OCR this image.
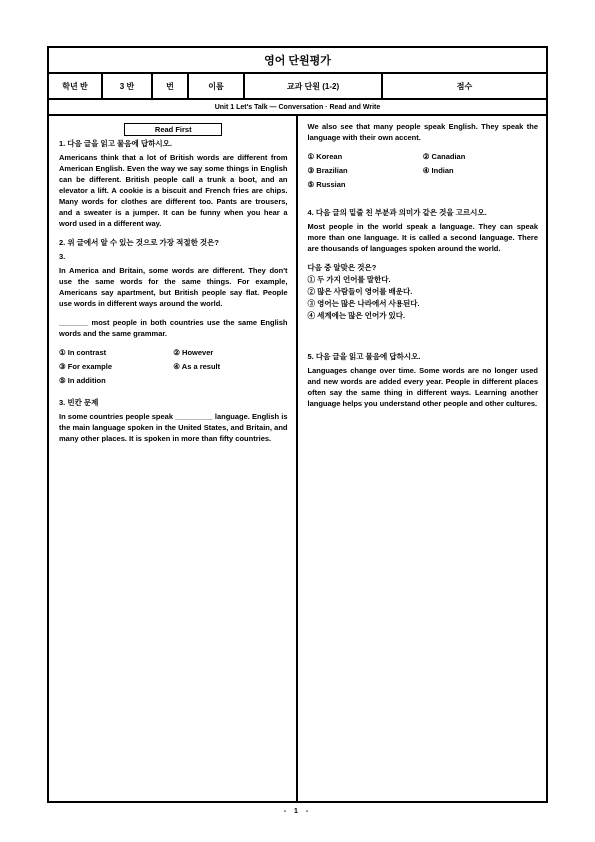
영어 단원평가
학년 반	3 반	번	이름	교과 단원 (1-2)	점수
Unit 1 Let's Talk — Conversation · Read and Write
Read First
1. 다음 글을 읽고 물음에 답하시오.

Americans think that a lot of British words are different from American English. Even the way we say some things in English can be different. British people call a trunk a boot, and an elevator a lift. A cookie is a biscuit and French fries are chips. Many words for clothes are different too. Pants are trousers, and a sweater is a jumper. It can be funny when you hear a word used in a different way.

2. 위 글에서 알 수 있는 것으로 가장 적절한 것은?
3.

In America and Britain, some words are different. They don't use the same words for the same things. For example, Americans say apartment, but British people say flat. People use words in different ways around the world.

_______ most people in both countries use the same English words and the same grammar.

① In contrast	② However
③ For example	④ As a result
⑤ In addition
3. 빈칸 문제

In some countries people speak _________ language. English is the main language spoken in the United States, and Britain, and many other places. It is spoken in more than fifty countries.

We also see that many people speak English. They speak the language with their own accent.

① Korean	② Canadian
③ Brazilian	④ Indian
⑤ Russian
4. 다음 글의 밑줄 친 부분과 의미가 같은 것을 고르시오.

Most people in the world speak a language. They can speak more than one language. It is called a second language. There are thousands of languages spoken around the world.

다음 중 알맞은 것은?
① 두 가지 언어를 말한다.
② 많은 사람들이 영어를 배운다.
③ 영어는 많은 나라에서 사용된다.
④ 세계에는 많은 언어가 있다.
5. 다음 글을 읽고 물음에 답하시오.

Languages change over time. Some words are no longer used and new words are added every year. People in different places often say the same thing in different ways. Learning another language helps you understand other people and other cultures.

- 1 -
